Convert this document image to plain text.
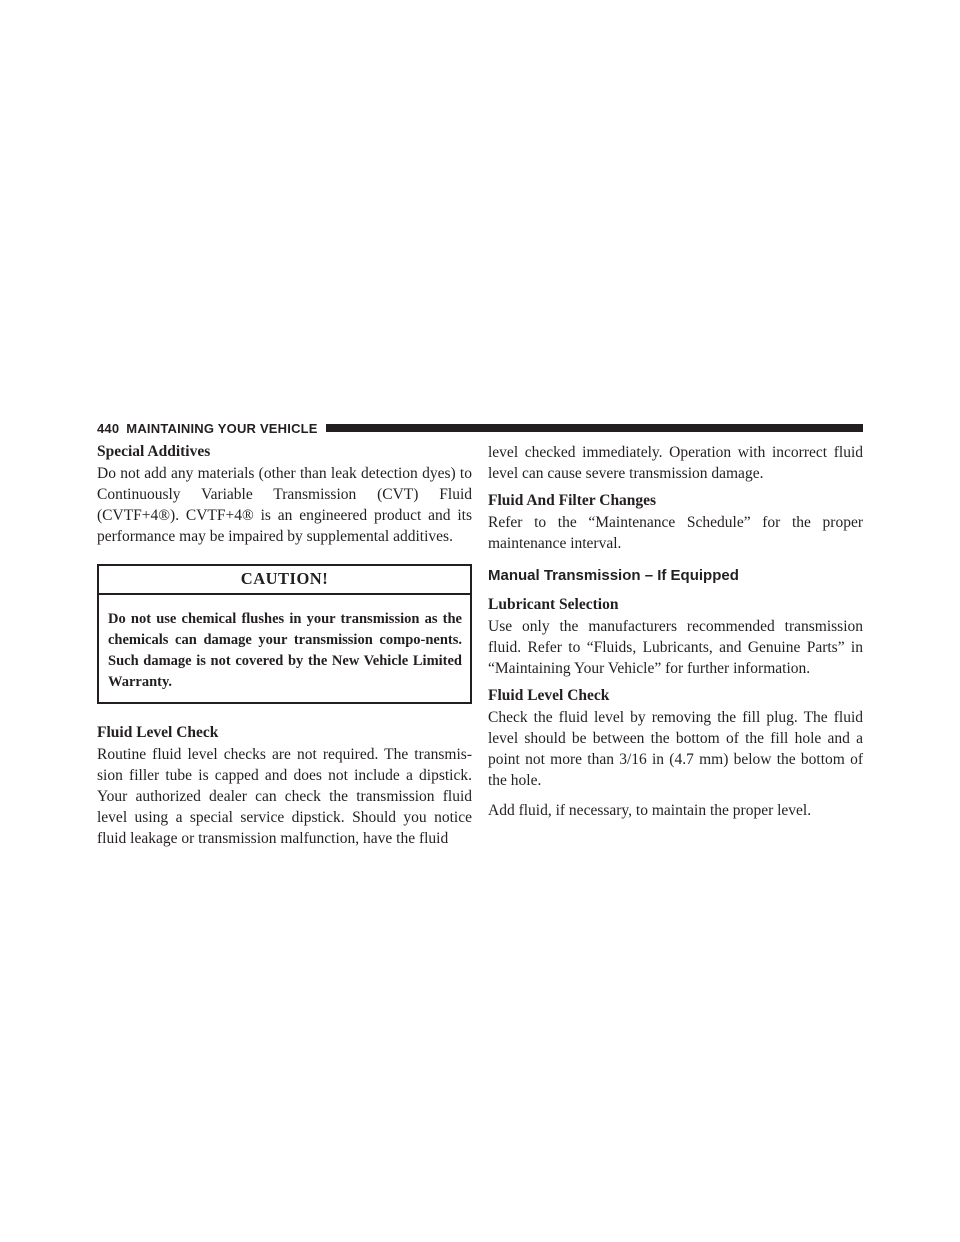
440 MAINTAINING YOUR VEHICLE

Special Additives

Do not add any materials (other than leak detection dyes) to Continuously Variable Transmission (CVT) Fluid (CVTF+4®). CVTF+4® is an engineered product and its performance may be impaired by supplemental additives.

CAUTION!
Do not use chemical flushes in your transmission as the chemicals can damage your transmission compo-nents. Such damage is not covered by the New Vehicle Limited Warranty.

Fluid Level Check

Routine fluid level checks are not required. The transmis-sion filler tube is capped and does not include a dipstick. Your authorized dealer can check the transmission fluid level using a special service dipstick. Should you notice fluid leakage or transmission malfunction, have the fluid

level checked immediately. Operation with incorrect fluid level can cause severe transmission damage.

Fluid And Filter Changes

Refer to the “Maintenance Schedule” for the proper maintenance interval.

Manual Transmission – If Equipped

Lubricant Selection

Use only the manufacturers recommended transmission fluid. Refer to “Fluids, Lubricants, and Genuine Parts” in “Maintaining Your Vehicle” for further information.

Fluid Level Check

Check the fluid level by removing the fill plug. The fluid level should be between the bottom of the fill hole and a point not more than 3/16 in (4.7 mm) below the bottom of the hole.

Add fluid, if necessary, to maintain the proper level.
